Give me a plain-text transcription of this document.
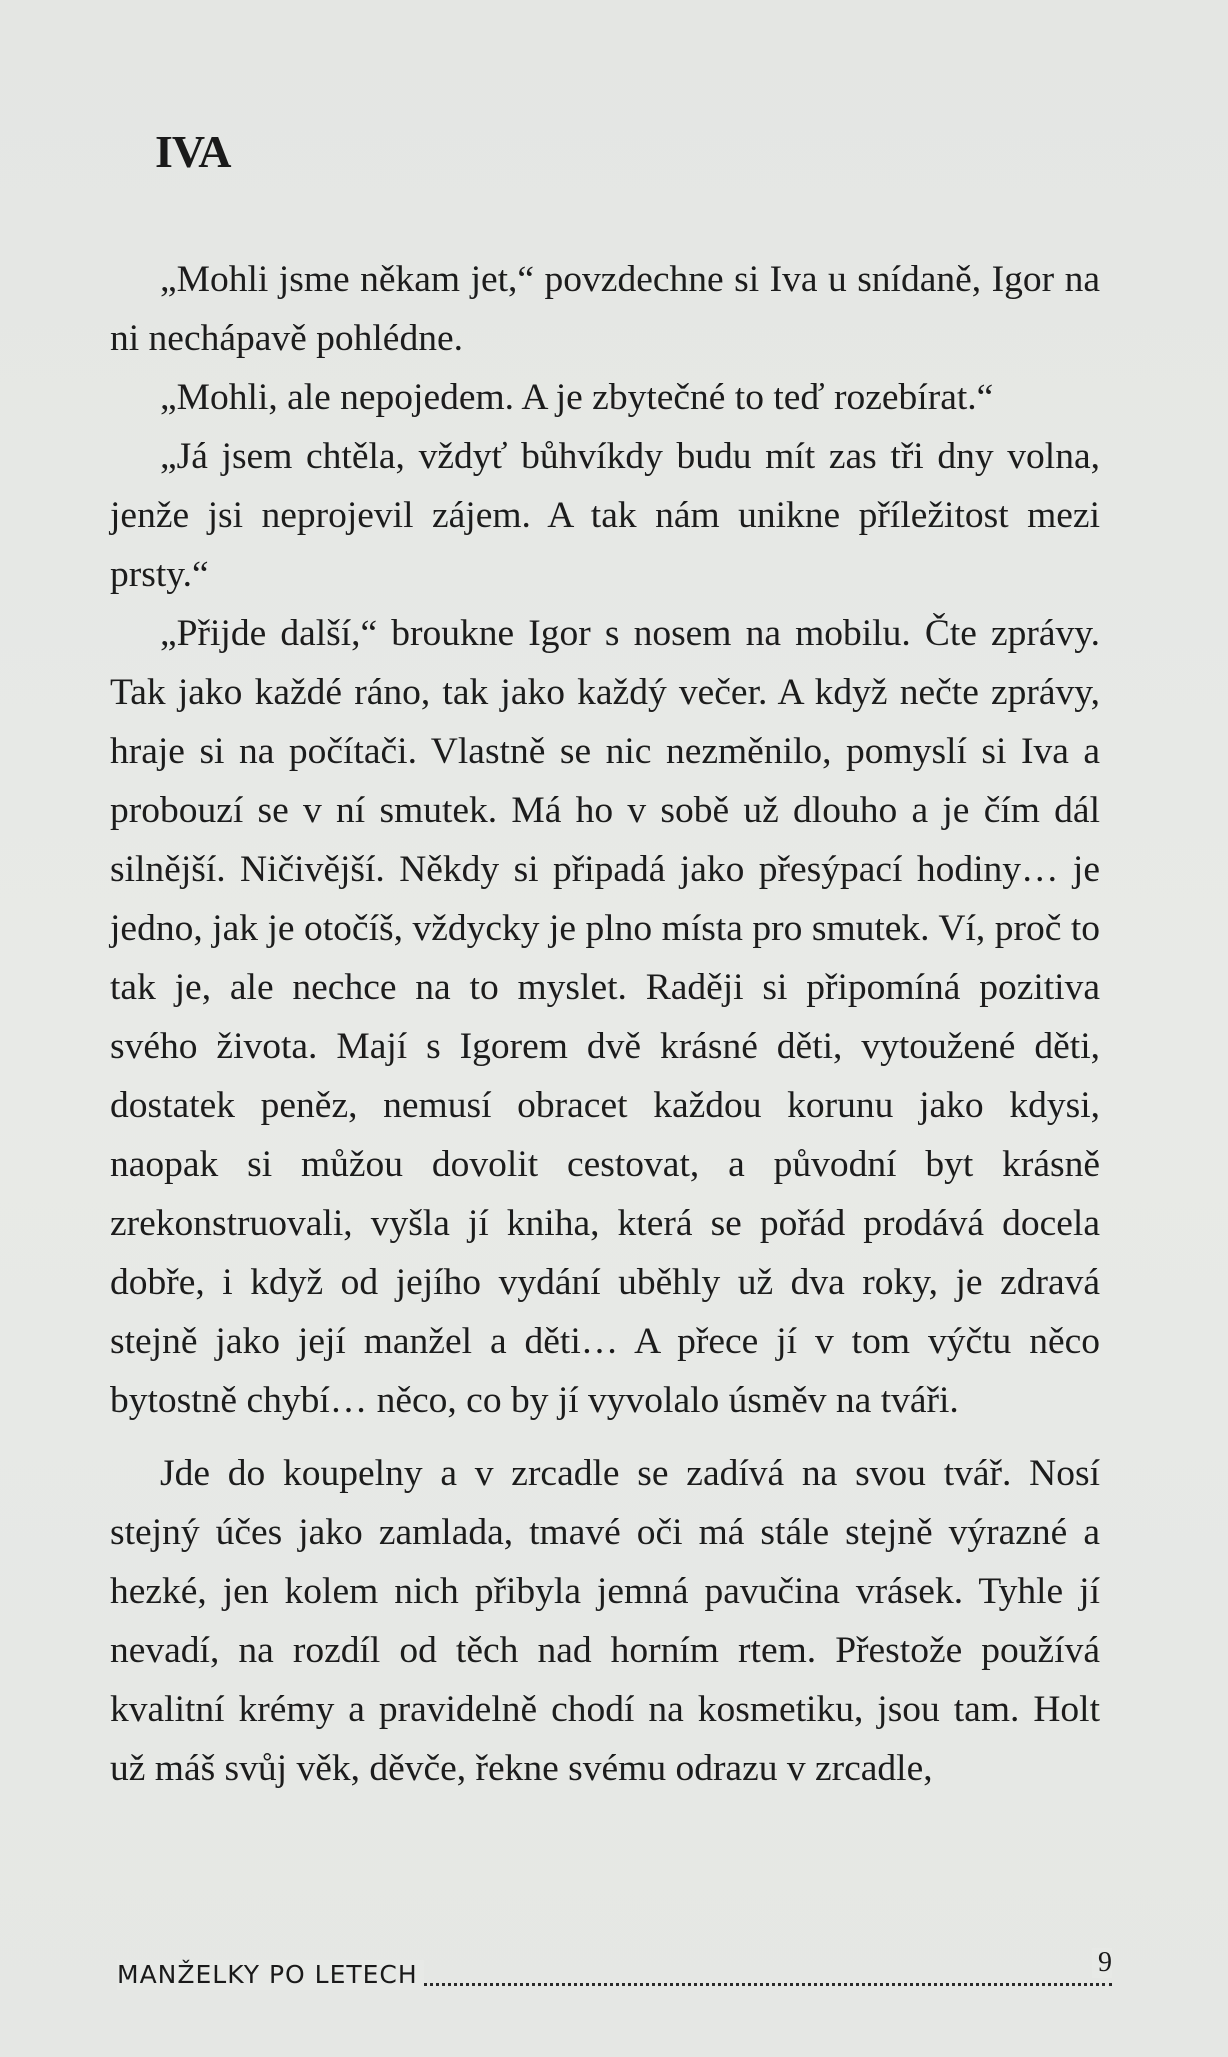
IVA

„Mohli jsme někam jet,“ povzdechne si Iva u snídaně, Igor na ni nechápavě pohlédne.

„Mohli, ale nepojedem. A je zbytečné to teď rozebírat.“

„Já jsem chtěla, vždyť bůhvíkdy budu mít zas tři dny volna, jenže jsi neprojevil zájem. A tak nám unikne příležitost mezi prsty.“

„Přijde další,“ broukne Igor s nosem na mobilu. Čte zprávy. Tak jako každé ráno, tak jako každý večer. A když nečte zprávy, hraje si na počítači. Vlastně se nic nezměnilo, pomyslí si Iva a probouzí se v ní smutek. Má ho v sobě už dlouho a je čím dál silnější. Ničivější. Někdy si připadá jako přesýpací hodiny… je jedno, jak je otočíš, vždycky je plno místa pro smutek. Ví, proč to tak je, ale nechce na to myslet. Raději si připomíná pozitiva svého života. Mají s Igorem dvě krásné děti, vytoužené děti, dostatek peněz, nemusí obracet každou korunu jako kdysi, naopak si můžou dovolit cestovat, a původní byt krásně zrekonstruovali, vyšla jí kniha, která se pořád prodává docela dobře, i když od jejího vydání uběhly už dva roky, je zdravá stejně jako její manžel a děti… A přece jí v tom výčtu něco bytostně chybí… něco, co by jí vyvolalo úsměv na tváři.

Jde do koupelny a v zrcadle se zadívá na svou tvář. Nosí stejný účes jako zamlada, tmavé oči má stále stejně výrazné a hezké, jen kolem nich přibyla jemná pavučina vrásek. Tyhle jí nevadí, na rozdíl od těch nad horním rtem. Přestože používá kvalitní krémy a pravidelně chodí na kosmetiku, jsou tam. Holt už máš svůj věk, děvče, řekne svému odrazu v zrcadle,

MANŽELKY PO LETECH	9
